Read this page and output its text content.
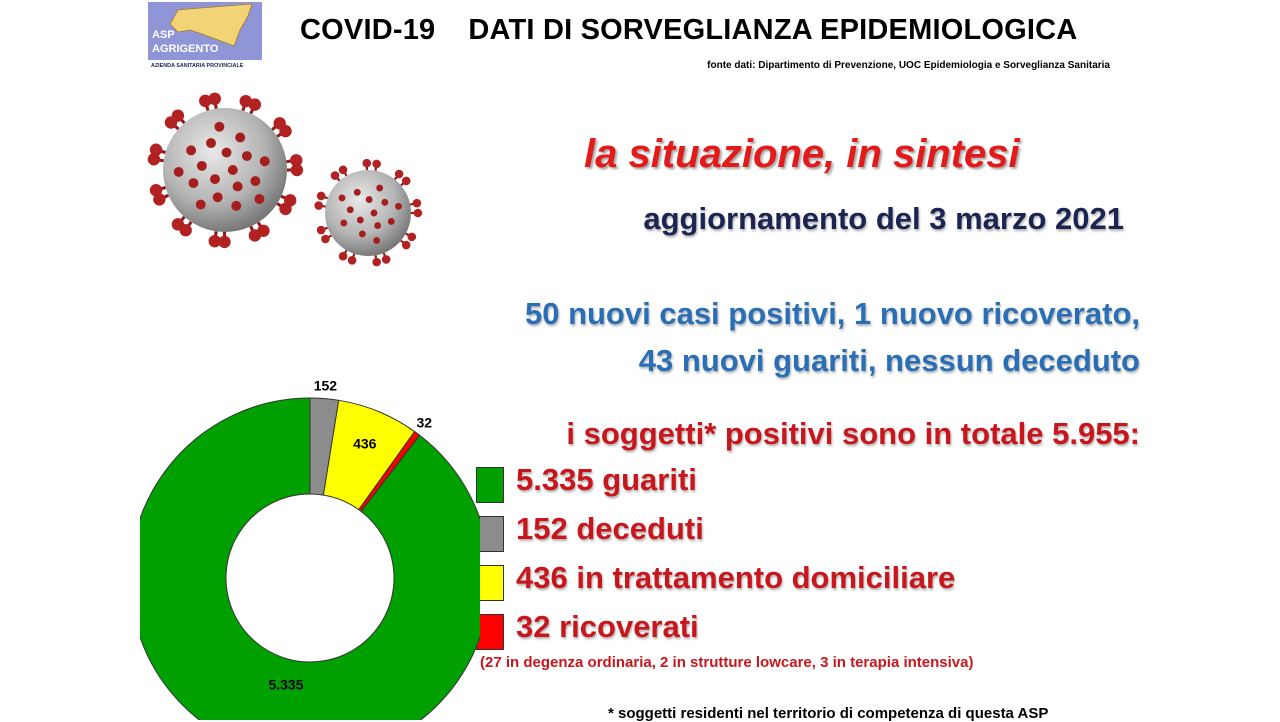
ASP
AGRIGENTO
AZIENDA SANITARIA PROVINCIALE
COVID-19    DATI DI SORVEGLIANZA EPIDEMIOLOGICA
fonte dati: Dipartimento di Prevenzione, UOC Epidemiologia e Sorveglianza Sanitaria
la situazione, in sintesi
aggiornamento del 3 marzo 2021
50 nuovi casi positivi, 1 nuovo ricoverato,
43 nuovi guariti, nessun deceduto
i soggetti* positivi sono in totale 5.955:
5.335 guariti
152 deceduti
436 in trattamento domiciliare
32 ricoverati
(27 in degenza ordinaria, 2 in strutture lowcare, 3 in terapia intensiva)
* soggetti residenti nel territorio di competenza di questa ASP
5.335
152
436
32
